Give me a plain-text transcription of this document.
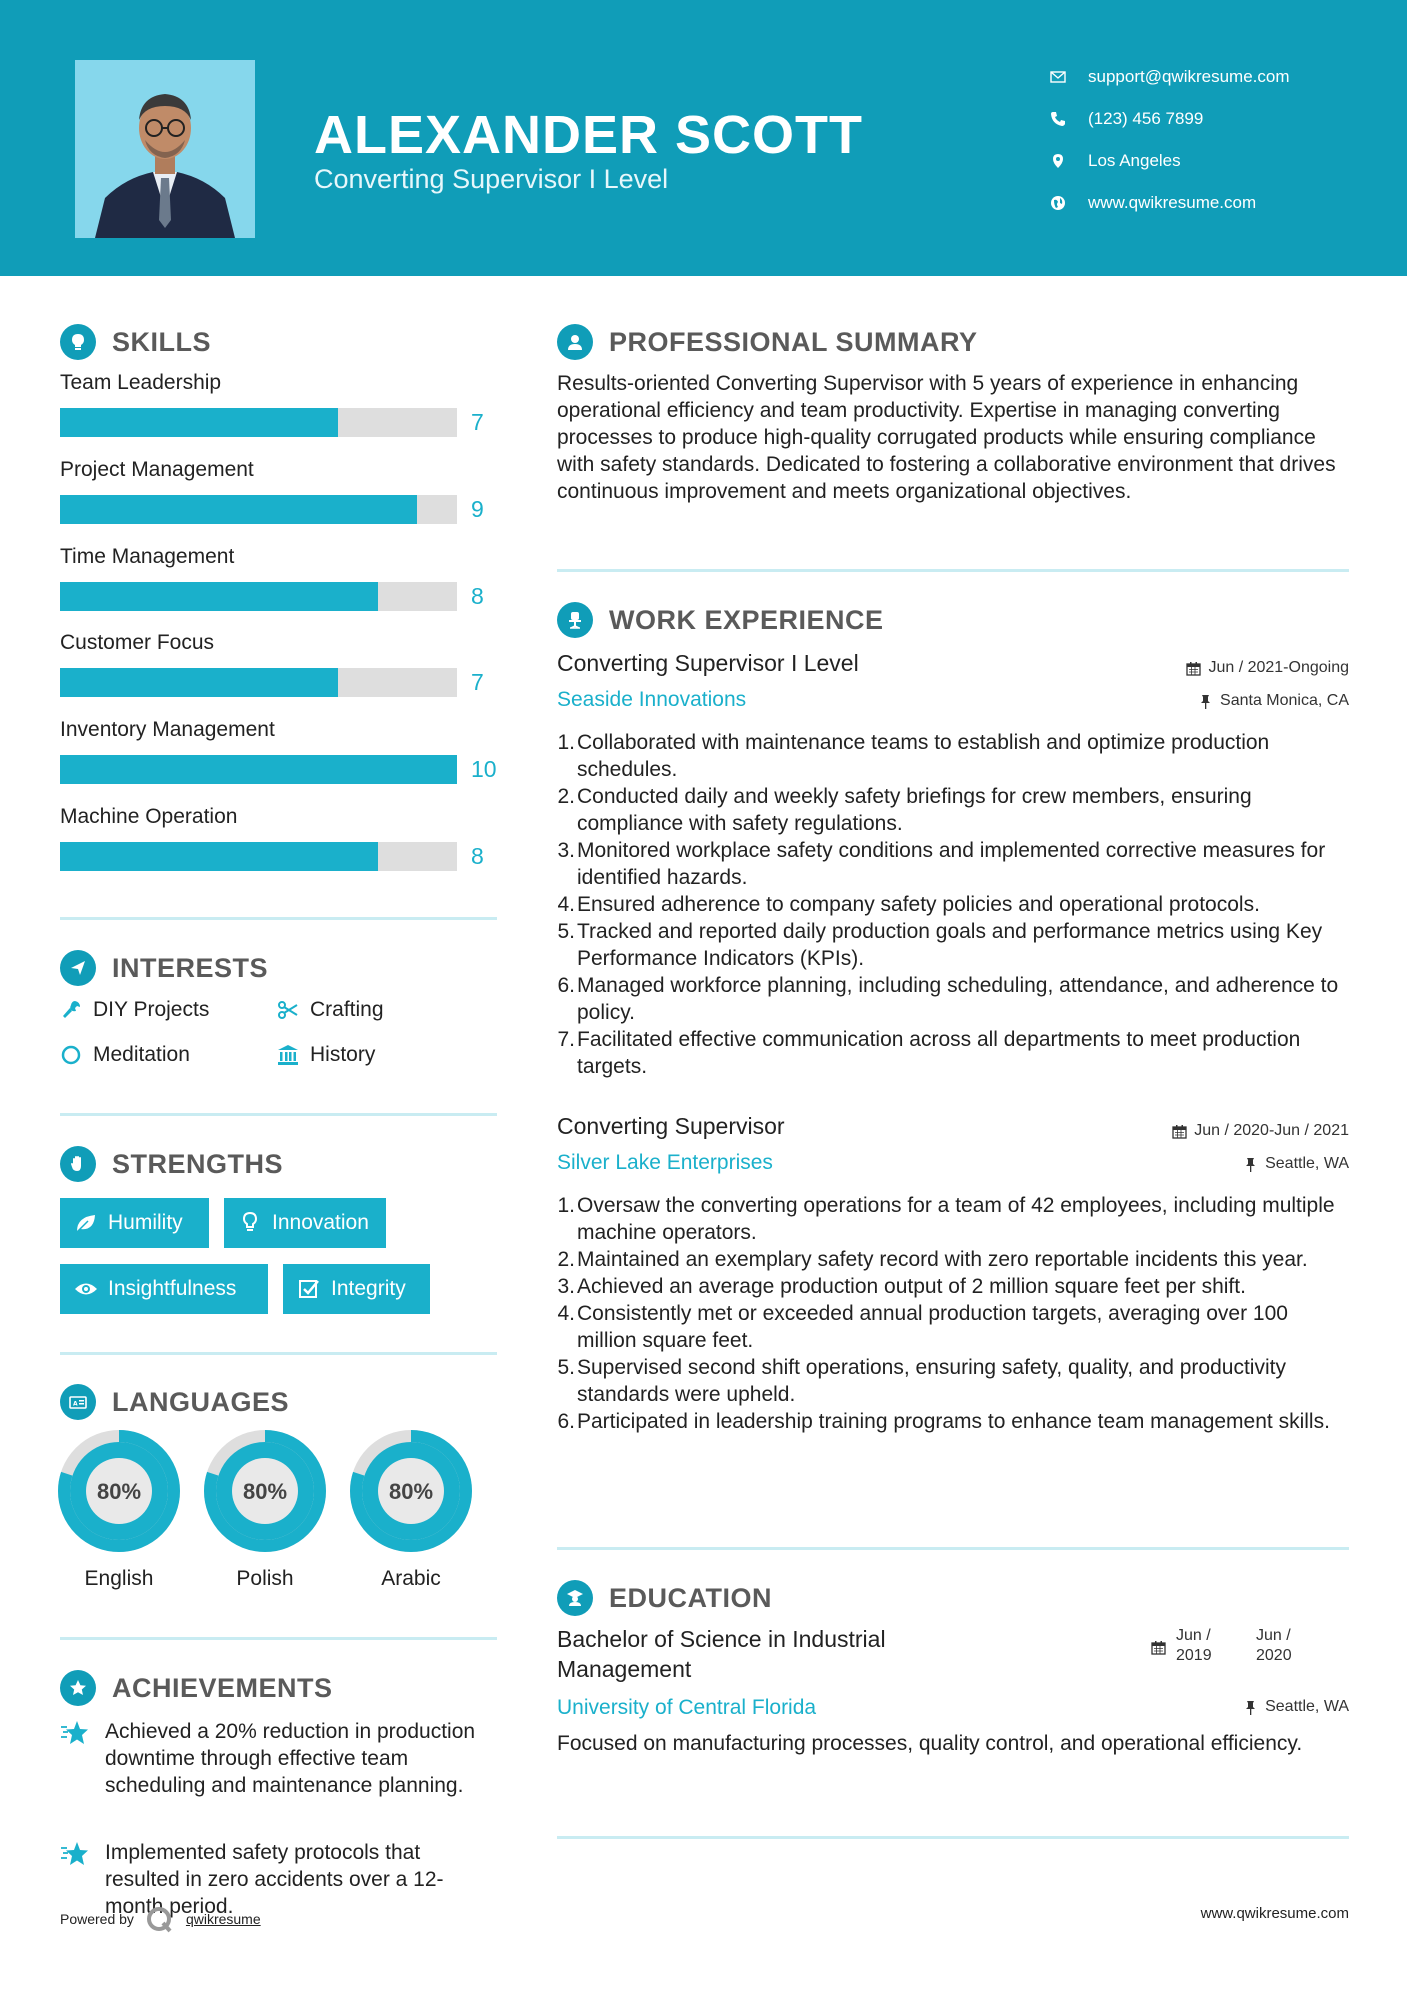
ALEXANDER SCOTT
Converting Supervisor I Level
support@qwikresume.com
(123) 456 7899
Los Angeles
www.qwikresume.com
SKILLS
Team Leadership
7
Project Management
9
Time Management
8
Customer Focus
7
Inventory Management
10
Machine Operation
8
INTERESTS
DIY Projects	Crafting
Meditation	History
STRENGTHS
Humility	Innovation
Insightfulness	Integrity
A LANGUAGES
80%
English
80%
Polish
80%
Arabic
ACHIEVEMENTS
Achieved a 20% reduction in production downtime through effective team scheduling and maintenance planning.
Implemented safety protocols that resulted in zero accidents over a 12-month period.
PROFESSIONAL SUMMARY
Results-oriented Converting Supervisor with 5 years of experience in enhancing operational efficiency and team productivity. Expertise in managing converting processes to produce high-quality corrugated products while ensuring compliance with safety standards. Dedicated to fostering a collaborative environment that drives continuous improvement and meets organizational objectives.
WORK EXPERIENCE
Converting Supervisor I Level	Jun / 2021-Ongoing
Seaside Innovations	Santa Monica, CA
1. Collaborated with maintenance teams to establish and optimize production schedules.
2. Conducted daily and weekly safety briefings for crew members, ensuring compliance with safety regulations.
3. Monitored workplace safety conditions and implemented corrective measures for identified hazards.
4. Ensured adherence to company safety policies and operational protocols.
5. Tracked and reported daily production goals and performance metrics using Key Performance Indicators (KPIs).
6. Managed workforce planning, including scheduling, attendance, and adherence to policy.
7. Facilitated effective communication across all departments to meet production targets.
Converting Supervisor	Jun / 2020-Jun / 2021
Silver Lake Enterprises	Seattle, WA
1. Oversaw the converting operations for a team of 42 employees, including multiple machine operators.
2. Maintained an exemplary safety record with zero reportable incidents this year.
3. Achieved an average production output of 2 million square feet per shift.
4. Consistently met or exceeded annual production targets, averaging over 100 million square feet.
5. Supervised second shift operations, ensuring safety, quality, and productivity standards were upheld.
6. Participated in leadership training programs to enhance team management skills.
EDUCATION
Bachelor of Science in Industrial Management
Jun /
2019
Jun /
2020
University of Central Florida	Seattle, WA
Focused on manufacturing processes, quality control, and operational efficiency.
Powered by	qwikresume	www.qwikresume.com
